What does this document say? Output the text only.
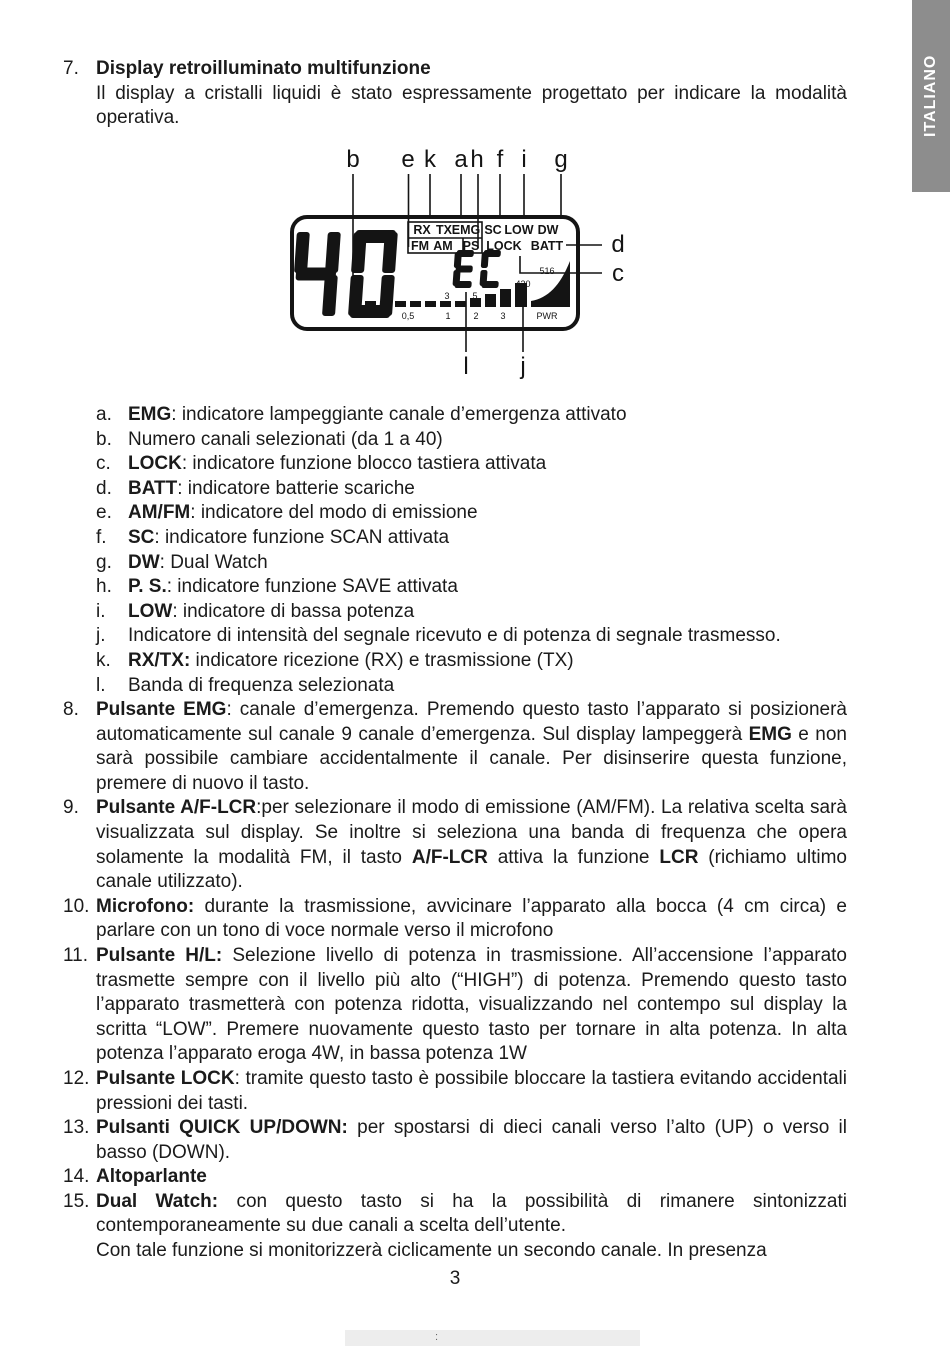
ITALIANO
7. Display retroilluminato multifunzione
Il display a cristalli liquidi è stato espressamente progettato per indicare la modalità operativa.
RX TX EMG SC LOW DW
FM AM PS LOCK BATT
3	5
430
516
0,5	1	2 3	PWR
b e k a h f i g
d
c
l j
a. EMG: indicatore lampeggiante canale d’emergenza attivato
b. Numero canali selezionati (da 1 a 40)
c. LOCK: indicatore funzione blocco tastiera attivata
d. BATT: indicatore batterie scariche
e. AM/FM: indicatore del modo di emissione
f.	SC: indicatore funzione SCAN attivata
g. DW: Dual Watch
h. P. S.: indicatore funzione SAVE attivata
i.	LOW: indicatore di bassa potenza
j.	Indicatore di intensità del segnale ricevuto e di potenza di segnale trasmesso.
k. RX/TX: indicatore ricezione (RX) e trasmissione (TX)
l.	Banda di frequenza selezionata
8. Pulsante EMG: canale d’emergenza. Premendo questo tasto l’apparato si posizionerà automaticamente sul canale 9 canale d’emergenza. Sul display lampeggerà EMG e non sarà possibile cambiare accidentalmente il canale. Per disinserire questa funzione, premere di nuovo il tasto.
9. Pulsante A/F-LCR:per selezionare il modo di emissione (AM/FM). La relativa scelta sarà visualizzata sul display. Se inoltre si seleziona una banda di frequenza che opera solamente la modalità FM, il tasto A/F-LCR attiva la funzione LCR (richiamo ultimo canale utilizzato).
10. Microfono: durante la trasmissione, avvicinare l’apparato alla bocca (4 cm circa) e parlare con un tono di voce normale verso il microfono
11. Pulsante H/L: Selezione livello di potenza in trasmissione. All’accensione l’apparato trasmette sempre con il livello più alto (“HIGH”) di potenza. Premendo questo tasto l’apparato trasmetterà con potenza ridotta, visualizzando nel contempo sul display la scritta “LOW”. Premere nuovamente questo tasto per tornare in alta potenza. In alta potenza l’apparato eroga 4W, in bassa potenza 1W
12. Pulsante LOCK: tramite questo tasto è possibile bloccare la tastiera evitando accidentali pressioni dei tasti.
13. Pulsanti QUICK UP/DOWN: per spostarsi di dieci canali verso l’alto (UP) o verso il basso (DOWN).
14. Altoparlante
15. Dual Watch: con questo tasto si ha la possibilità di rimanere sintonizzati contemporaneamente su due canali a scelta dell’utente.
Con tale funzione si monitorizzerà ciclicamente un secondo canale. In presenza
3
:
